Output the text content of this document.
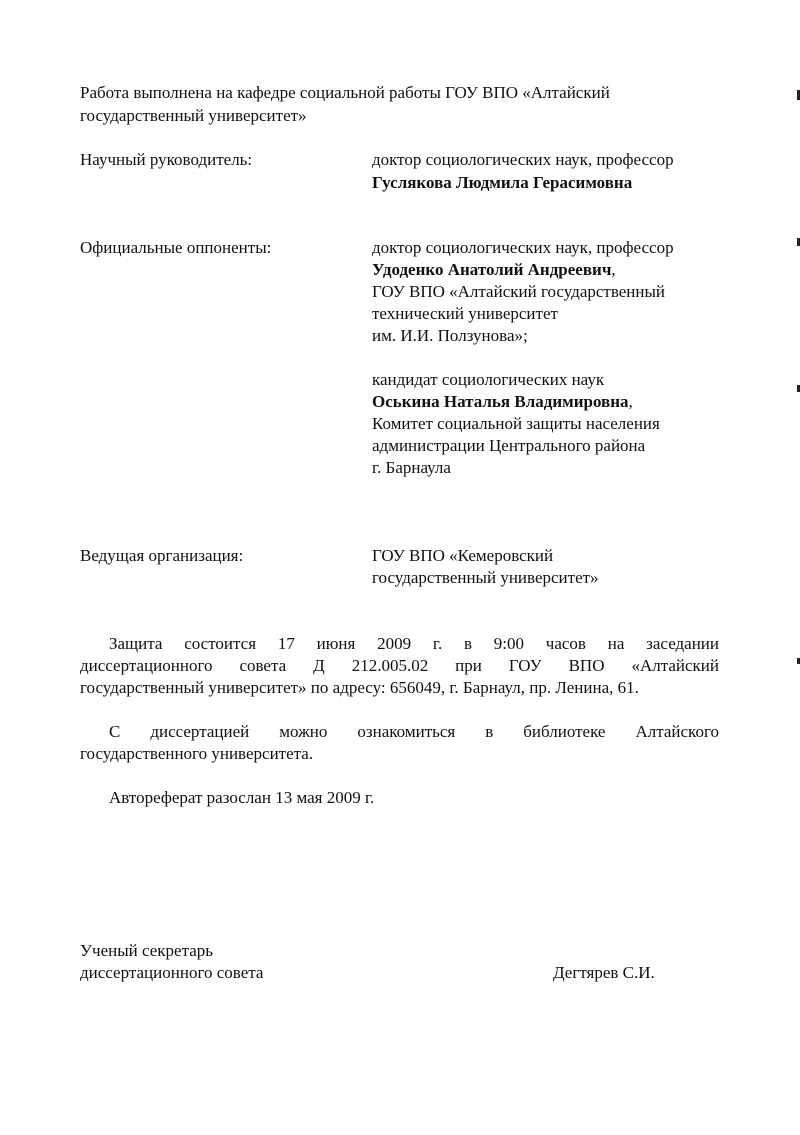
Работа выполнена на кафедре социальной работы ГОУ ВПО «Алтайский
государственный университет»
Научный руководитель:	доктор социологических наук, профессор
Гуслякова Людмила Герасимовна
Официальные оппоненты:	доктор социологических наук, профессор
Удоденко Анатолий Андреевич,
ГОУ ВПО «Алтайский государственный
технический университет
им. И.И. Ползунова»;
кандидат социологических наук
Оськина Наталья Владимировна,
Комитет социальной защиты населения
администрации Центрального района
г. Барнаула
Ведущая организация:	ГОУ ВПО «Кемеровский
государственный университет»
Защита состоится 17 июня 2009 г. в 9:00 часов на заседании
диссертационного совета Д 212.005.02 при ГОУ ВПО «Алтайский
государственный университет» по адресу: 656049, г. Барнаул, пр. Ленина, 61.
С диссертацией можно ознакомиться в библиотеке Алтайского
государственного университета.
Автореферат разослан 13 мая 2009 г.
Ученый секретарь
диссертационного совета	Дегтярев С.И.
